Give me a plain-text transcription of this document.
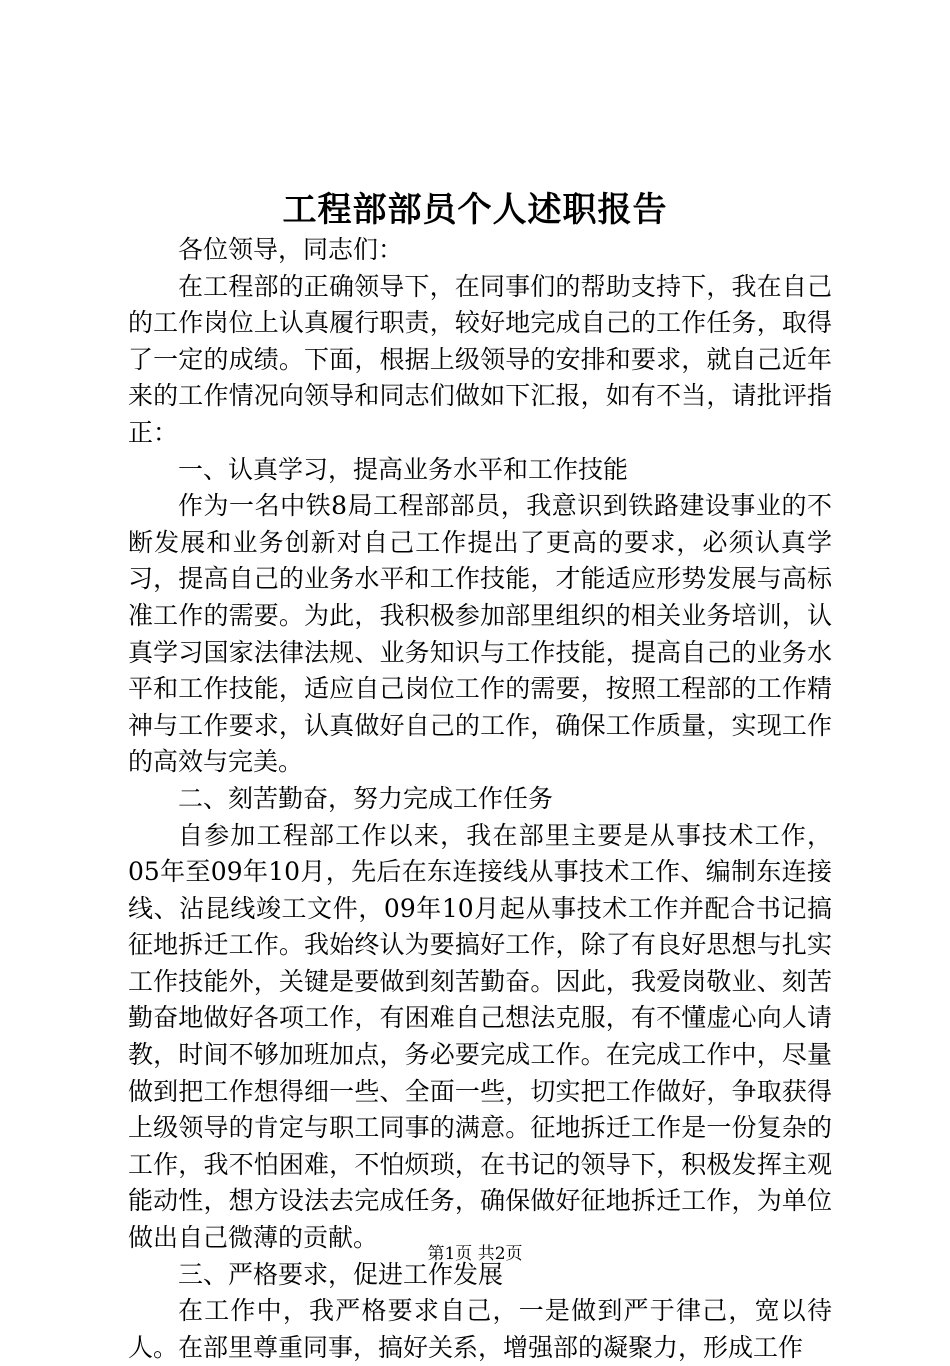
工程部部员个人述职报告

各位领导，同志们：

在工程部的正确领导下，在同事们的帮助支持下，我在自己的工作岗位上认真履行职责，较好地完成自己的工作任务，取得了一定的成绩。下面，根据上级领导的安排和要求，就自己近年来的工作情况向领导和同志们做如下汇报，如有不当，请批评指正：

一、认真学习，提高业务水平和工作技能

作为一名中铁8局工程部部员，我意识到铁路建设事业的不断发展和业务创新对自己工作提出了更高的要求，必须认真学习，提高自己的业务水平和工作技能，才能适应形势发展与高标准工作的需要。为此，我积极参加部里组织的相关业务培训，认真学习国家法律法规、业务知识与工作技能，提高自己的业务水平和工作技能，适应自己岗位工作的需要，按照工程部的工作精神与工作要求，认真做好自己的工作，确保工作质量，实现工作的高效与完美。

二、刻苦勤奋，努力完成工作任务

自参加工程部工作以来，我在部里主要是从事技术工作，05年至09年10月，先后在东连接线从事技术工作、编制东连接线、沾昆线竣工文件，09年10月起从事技术工作并配合书记搞征地拆迁工作。我始终认为要搞好工作，除了有良好思想与扎实工作技能外，关键是要做到刻苦勤奋。因此，我爱岗敬业、刻苦勤奋地做好各项工作，有困难自己想法克服，有不懂虚心向人请教，时间不够加班加点，务必要完成工作。在完成工作中，尽量做到把工作想得细一些、全面一些，切实把工作做好，争取获得上级领导的肯定与职工同事的满意。征地拆迁工作是一份复杂的工作，我不怕困难，不怕烦琐，在书记的领导下，积极发挥主观能动性，想方设法去完成任务，确保做好征地拆迁工作，为单位做出自己微薄的贡献。

三、严格要求，促进工作发展

在工作中，我严格要求自己，一是做到严于律己，宽以待人。在部里尊重同事，搞好关系，增强部的凝聚力，形成工作

第1页 共2页
